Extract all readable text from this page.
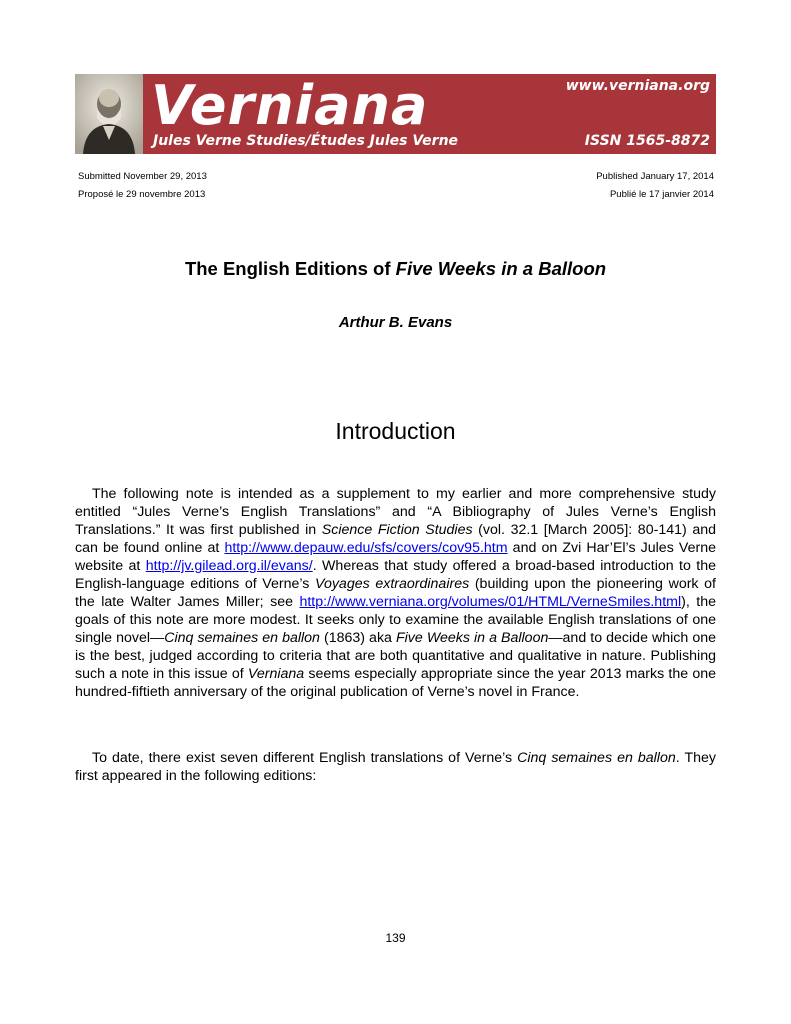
Verniana
Jules Verne Studies/Études Jules Verne
www.verniana.org
ISSN 1565-8872
Submitted November 29, 2013
Proposé le 29 novembre 2013
Published January 17, 2014
Publié le 17 janvier 2014
The English Editions of Five Weeks in a Balloon
Arthur B. Evans
Introduction

The following note is intended as a supplement to my earlier and more comprehensive study entitled “Jules Verne’s English Translations” and “A Bibliography of Jules Verne’s English Translations.” It was first published in Science Fiction Studies (vol. 32.1 [March 2005]: 80-141) and can be found online at http://www.depauw.edu/sfs/covers/cov95.htm and on Zvi Har’El’s Jules Verne website at http://jv.gilead.org.il/evans/. Whereas that study offered a broad-based introduction to the English-language editions of Verne’s Voyages extraordinaires (building upon the pioneering work of the late Walter James Miller; see http://www.verniana.org/volumes/01/HTML/VerneSmiles.html), the goals of this note are more modest. It seeks only to examine the available English translations of one single novel—Cinq semaines en ballon (1863) aka Five Weeks in a Balloon—and to decide which one is the best, judged according to criteria that are both quantitative and qualitative in nature. Publishing such a note in this issue of Verniana seems especially appropriate since the year 2013 marks the one hundred-fiftieth anniversary of the original publication of Verne’s novel in France.

To date, there exist seven different English translations of Verne’s Cinq semaines en ballon. They first appeared in the following editions:

139
